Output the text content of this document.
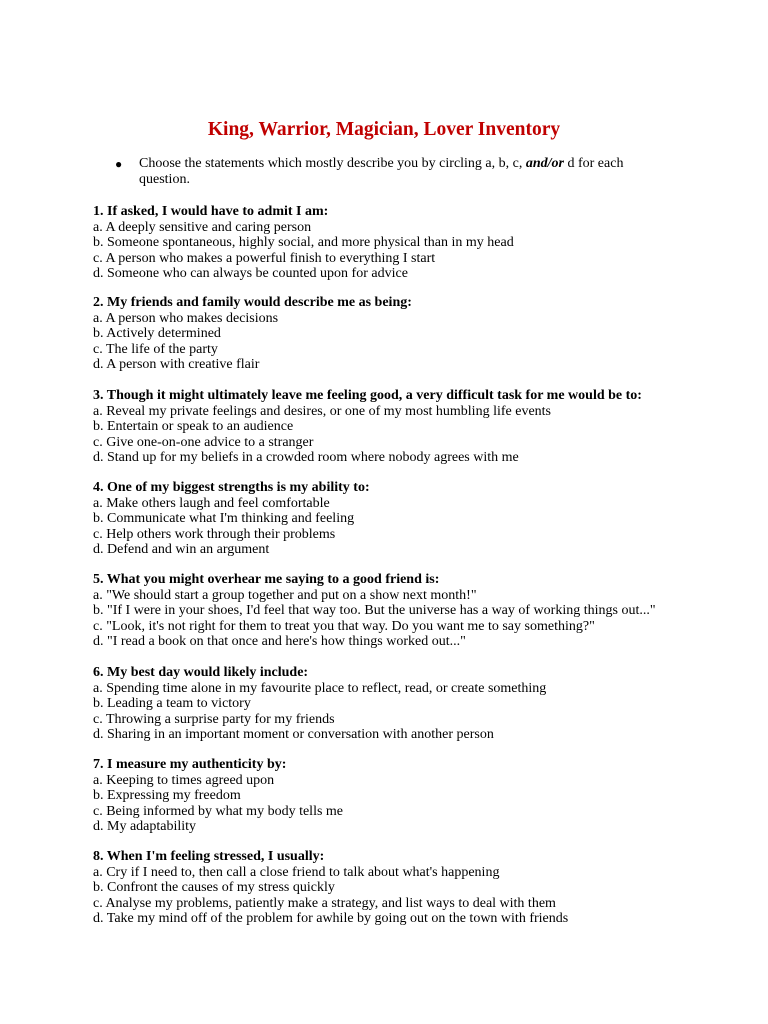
King, Warrior, Magician, Lover Inventory
● Choose the statements which mostly describe you by circling a, b, c, and/or d for each question.
1. If asked, I would have to admit I am:
a. A deeply sensitive and caring person
b. Someone spontaneous, highly social, and more physical than in my head
c. A person who makes a powerful finish to everything I start
d. Someone who can always be counted upon for advice
2. My friends and family would describe me as being:
a. A person who makes decisions
b. Actively determined
c. The life of the party
d. A person with creative flair
3. Though it might ultimately leave me feeling good, a very difficult task for me would be to:
a. Reveal my private feelings and desires, or one of my most humbling life events
b. Entertain or speak to an audience
c. Give one-on-one advice to a stranger
d. Stand up for my beliefs in a crowded room where nobody agrees with me
4. One of my biggest strengths is my ability to:
a. Make others laugh and feel comfortable
b. Communicate what I'm thinking and feeling
c. Help others work through their problems
d. Defend and win an argument
5. What you might overhear me saying to a good friend is:
a. "We should start a group together and put on a show next month!"
b. "If I were in your shoes, I'd feel that way too. But the universe has a way of working things out..."
c. "Look, it's not right for them to treat you that way. Do you want me to say something?"
d. "I read a book on that once and here's how things worked out..."
6. My best day would likely include:
a. Spending time alone in my favourite place to reflect, read, or create something
b. Leading a team to victory
c. Throwing a surprise party for my friends
d. Sharing in an important moment or conversation with another person
7. I measure my authenticity by:
a. Keeping to times agreed upon
b. Expressing my freedom
c. Being informed by what my body tells me
d. My adaptability
8. When I'm feeling stressed, I usually:
a. Cry if I need to, then call a close friend to talk about what's happening
b. Confront the causes of my stress quickly
c. Analyse my problems, patiently make a strategy, and list ways to deal with them
d. Take my mind off of the problem for awhile by going out on the town with friends
